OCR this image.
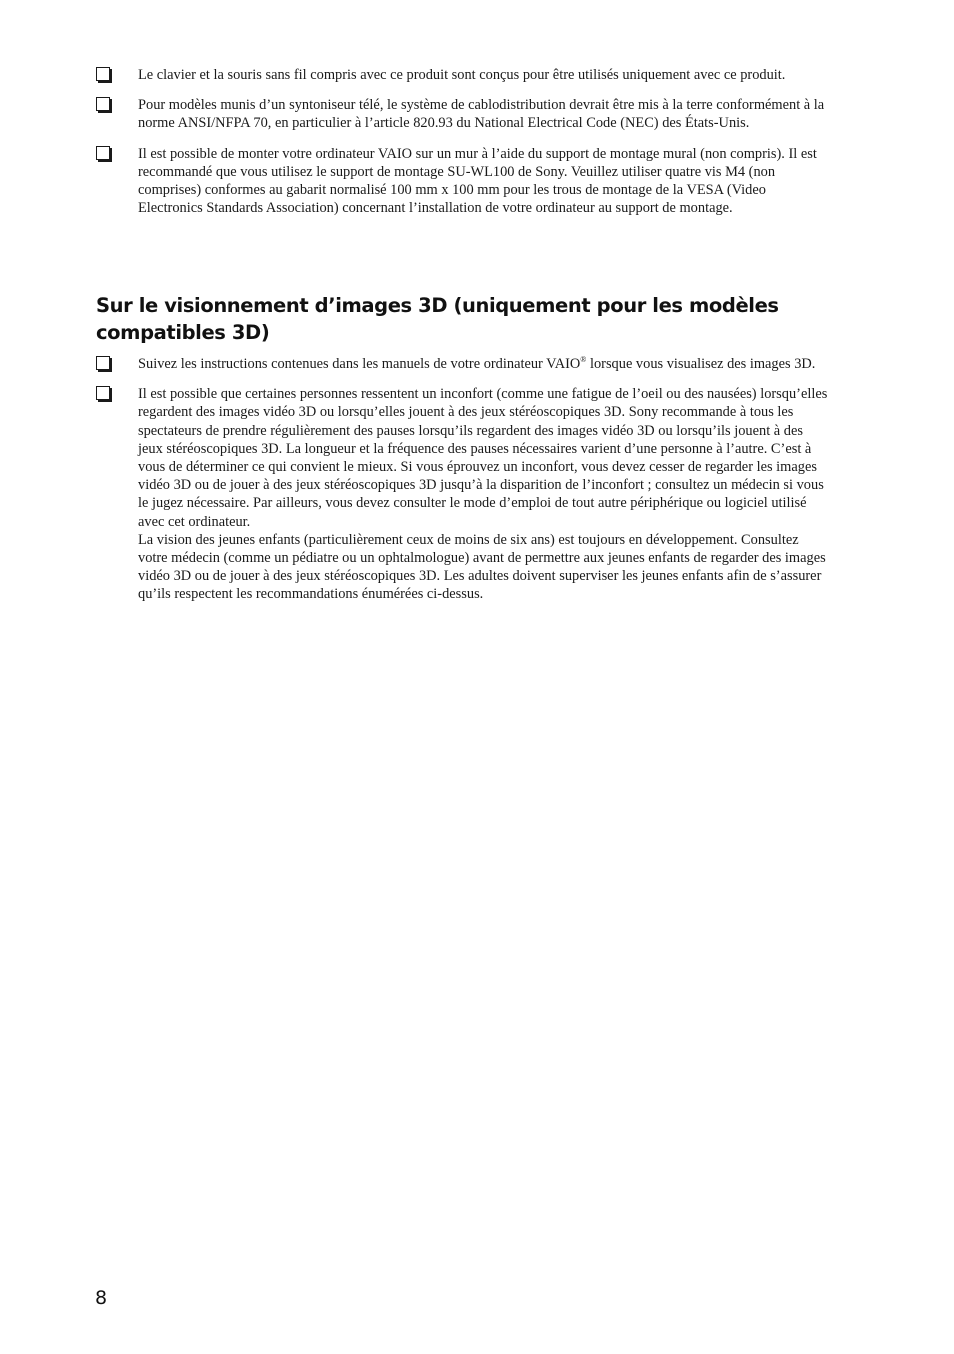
Le clavier et la souris sans fil compris avec ce produit sont conçus pour être utilisés uniquement avec ce produit.
Pour modèles munis d’un syntoniseur télé, le système de cablodistribution devrait être mis à la terre conformément à la norme ANSI/NFPA 70, en particulier à l’article 820.93 du National Electrical Code (NEC) des États-Unis.
Il est possible de monter votre ordinateur VAIO sur un mur à l’aide du support de montage mural (non compris). Il est recommandé que vous utilisez le support de montage SU-WL100 de Sony. Veuillez utiliser quatre vis M4 (non comprises) conformes au gabarit normalisé 100 mm x 100 mm pour les trous de montage de la VESA (Video Electronics Standards Association) concernant l’installation de votre ordinateur au support de montage.
Sur le visionnement d’images 3D (uniquement pour les modèles compatibles 3D)
Suivez les instructions contenues dans les manuels de votre ordinateur VAIO® lorsque vous visualisez des images 3D.
Il est possible que certaines personnes ressentent un inconfort (comme une fatigue de l’oeil ou des nausées) lorsqu’elles regardent des images vidéo 3D ou lorsqu’elles jouent à des jeux stéréoscopiques 3D. Sony recommande à tous les spectateurs de prendre régulièrement des pauses lorsqu’ils regardent des images vidéo 3D ou lorsqu’ils jouent à des jeux stéréoscopiques 3D. La longueur et la fréquence des pauses nécessaires varient d’une personne à l’autre. C’est à vous de déterminer ce qui convient le mieux. Si vous éprouvez un inconfort, vous devez cesser de regarder les images vidéo 3D ou de jouer à des jeux stéréoscopiques 3D jusqu’à la disparition de l’inconfort ; consultez un médecin si vous le jugez nécessaire. Par ailleurs, vous devez consulter le mode d’emploi de tout autre périphérique ou logiciel utilisé avec cet ordinateur.
La vision des jeunes enfants (particulièrement ceux de moins de six ans) est toujours en développement. Consultez votre médecin (comme un pédiatre ou un ophtalmologue) avant de permettre aux jeunes enfants de regarder des images vidéo 3D ou de jouer à des jeux stéréoscopiques 3D. Les adultes doivent superviser les jeunes enfants afin de s’assurer qu’ils respectent les recommandations énumérées ci-dessus.
8
